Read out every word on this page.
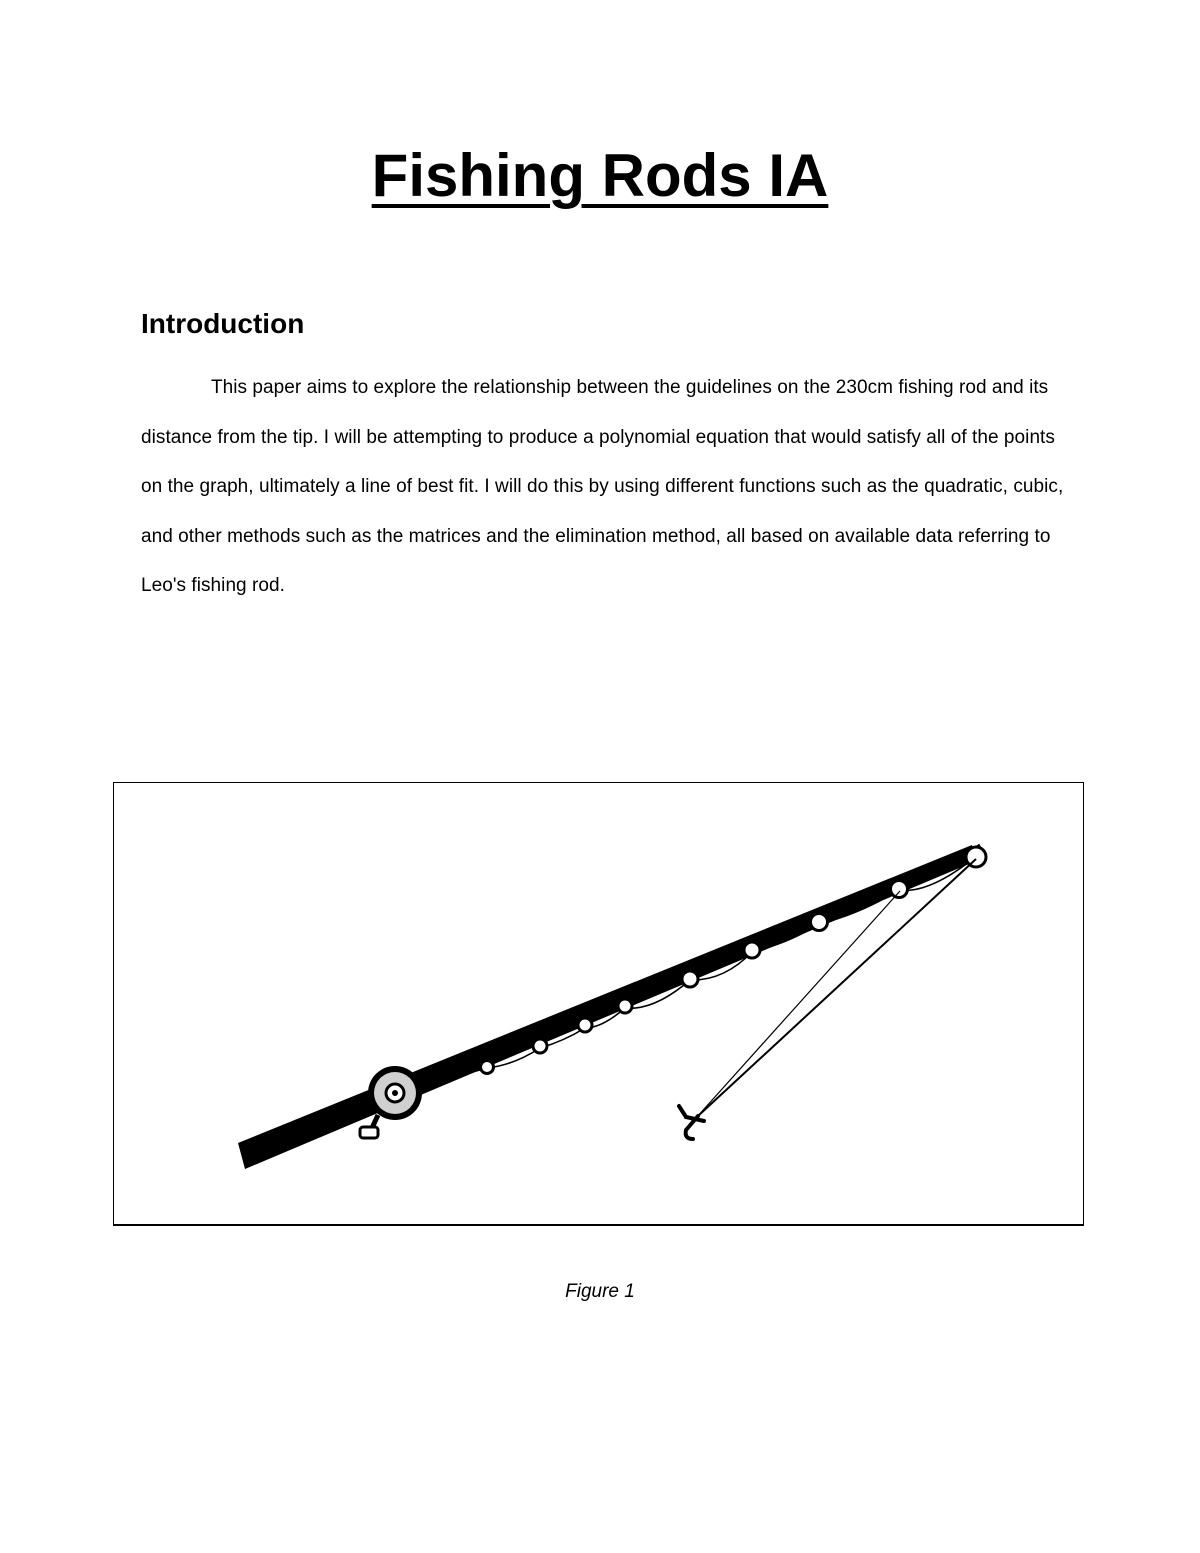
Fishing Rods IA
Introduction

This paper aims to explore the relationship between the guidelines on the 230cm fishing rod and its distance from the tip. I will be attempting to produce a polynomial equation that would satisfy all of the points on the graph, ultimately a line of best fit. I will do this by using different functions such as the quadratic, cubic, and other methods such as the matrices and the elimination method, all based on available data referring to Leo's fishing rod.

Figure 1
